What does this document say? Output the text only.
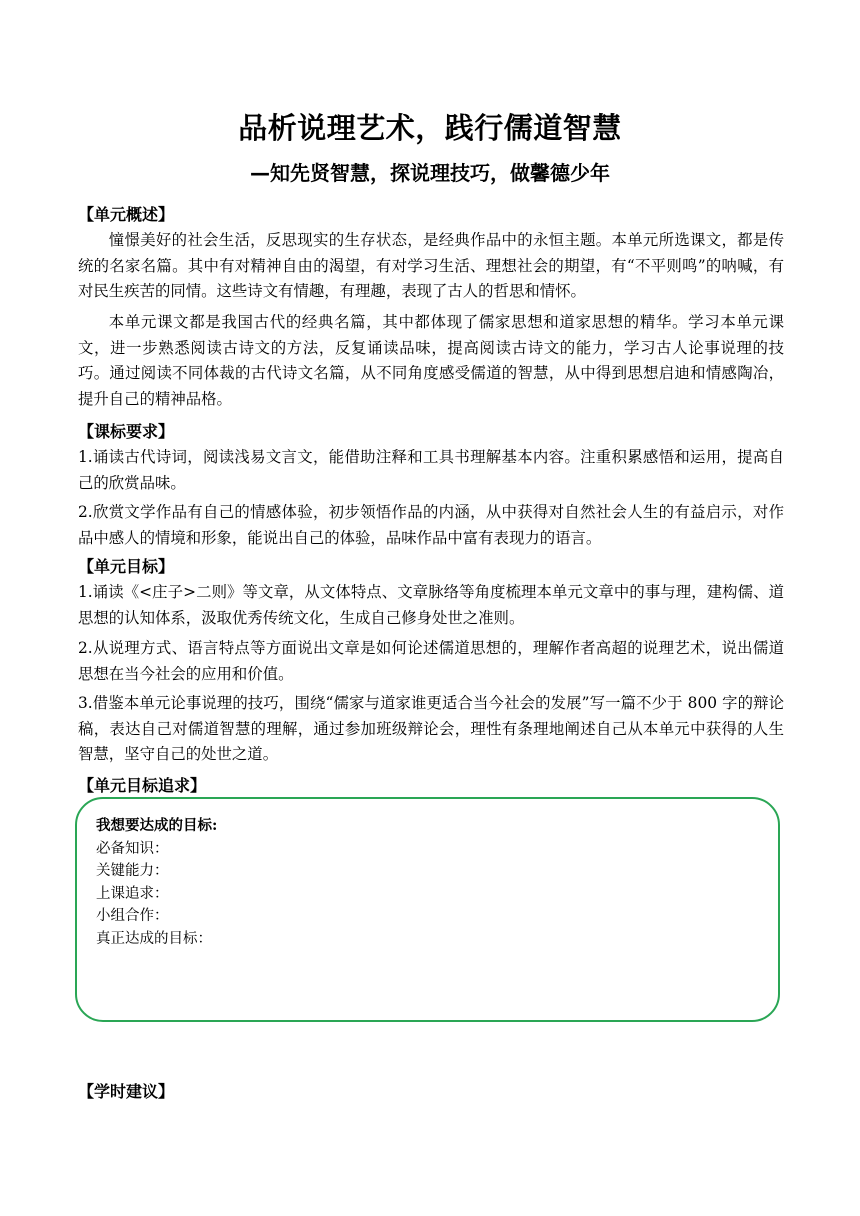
品析说理艺术，践行儒道智慧
—知先贤智慧，探说理技巧，做馨德少年
【单元概述】
憧憬美好的社会生活，反思现实的生存状态，是经典作品中的永恒主题。本单元所选课文，都是传统的名家名篇。其中有对精神自由的渴望，有对学习生活、理想社会的期望，有“不平则鸣”的呐喊，有对民生疾苦的同情。这些诗文有情趣，有理趣，表现了古人的哲思和情怀。
本单元课文都是我国古代的经典名篇，其中都体现了儒家思想和道家思想的精华。学习本单元课文，进一步熟悉阅读古诗文的方法，反复诵读品味，提高阅读古诗文的能力，学习古人论事说理的技巧。通过阅读不同体裁的古代诗文名篇，从不同角度感受儒道的智慧，从中得到思想启迪和情感陶冶，提升自己的精神品格。
【课标要求】
1.诵读古代诗词，阅读浅易文言文，能借助注释和工具书理解基本内容。注重积累感悟和运用，提高自己的欣赏品味。
2.欣赏文学作品有自己的情感体验，初步领悟作品的内涵，从中获得对自然社会人生的有益启示，对作品中感人的情境和形象，能说出自己的体验，品味作品中富有表现力的语言。
【单元目标】
1.诵读《<庄子>二则》等文章，从文体特点、文章脉络等角度梳理本单元文章中的事与理，建构儒、道思想的认知体系，汲取优秀传统文化，生成自己修身处世之准则。
2.从说理方式、语言特点等方面说出文章是如何论述儒道思想的，理解作者高超的说理艺术，说出儒道思想在当今社会的应用和价值。
3.借鉴本单元论事说理的技巧，围绕“儒家与道家谁更适合当今社会的发展”写一篇不少于 800 字的辩论稿，表达自己对儒道智慧的理解，通过参加班级辩论会，理性有条理地阐述自己从本单元中获得的人生智慧，坚守自己的处世之道。
【单元目标追求】
我想要达成的目标:
必备知识：
关键能力：
上课追求：
小组合作：
真正达成的目标：
【学时建议】
